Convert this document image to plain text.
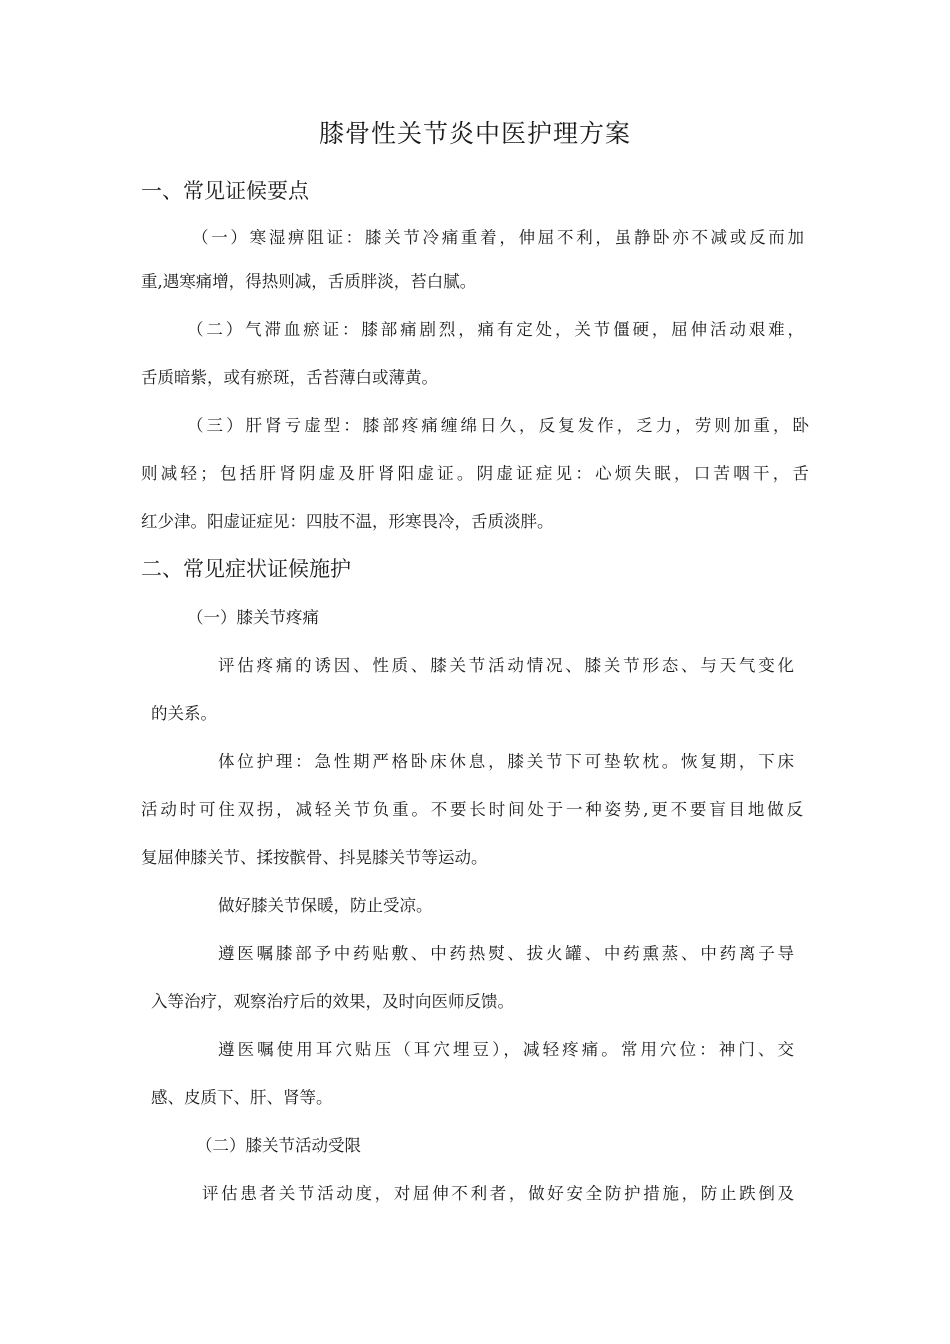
膝骨性关节炎中医护理方案
一、常见证候要点
（一）寒湿痹阻证：膝关节冷痛重着，伸屈不利，虽静卧亦不减或反而加
重,遇寒痛增，得热则减，舌质胖淡，苔白腻。
（二）气滞血瘀证：膝部痛剧烈，痛有定处，关节僵硬，屈伸活动艰难，
舌质暗紫，或有瘀斑，舌苔薄白或薄黄。
（三）肝肾亏虚型：膝部疼痛缠绵日久，反复发作，乏力，劳则加重，卧
则减轻；包括肝肾阴虚及肝肾阳虚证。阴虚证症见：心烦失眠，口苦咽干，舌
红少津。阳虚证症见：四肢不温，形寒畏冷，舌质淡胖。
二、常见症状证候施护
（一）膝关节疼痛
评估疼痛的诱因、性质、膝关节活动情况、膝关节形态、与天气变化
的关系。
体位护理：急性期严格卧床休息，膝关节下可垫软枕。恢复期，下床
活动时可住双拐，减轻关节负重。不要长时间处于一种姿势,更不要盲目地做反
复屈伸膝关节、揉按髌骨、抖晃膝关节等运动。
做好膝关节保暖，防止受凉。
遵医嘱膝部予中药贴敷、中药热熨、拔火罐、中药熏蒸、中药离子导
入等治疗，观察治疗后的效果，及时向医师反馈。
遵医嘱使用耳穴贴压（耳穴埋豆），减轻疼痛。常用穴位：神门、交
感、皮质下、肝、肾等。
（二）膝关节活动受限
评估患者关节活动度，对屈伸不利者，做好安全防护措施，防止跌倒及
